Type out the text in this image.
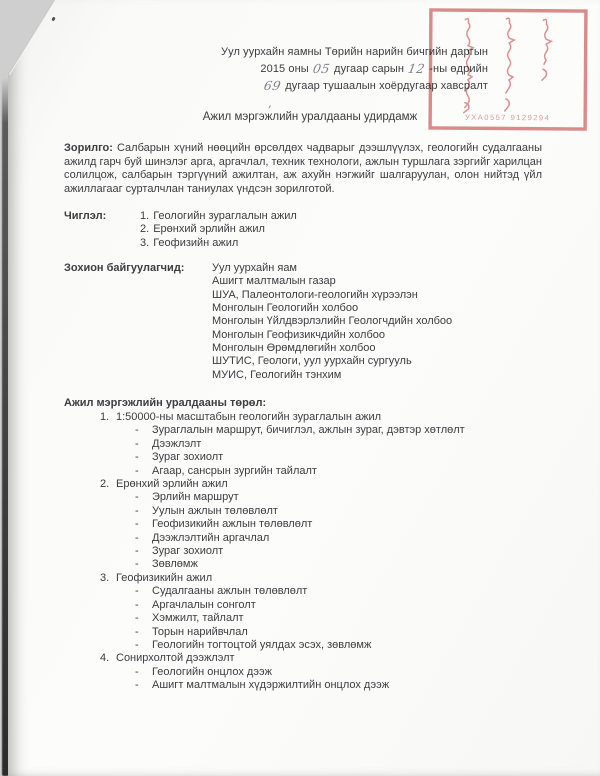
Уул уурхайн яамны Төрийн нарийн бичгийн даргын
2015 оны 05 дугаар сарын 12 -ны өдрийн
69 дугаар тушаалын хоёрдугаар хавсралт
,
Ажил мэргэжлийн уралдааны удирдамж
Зорилго: Салбарын хүний нөөцийн өрсөлдөх чадварыг дээшлүүлэх, геологийн судалгааны ажилд гарч буй шинэлэг арга, аргачлал, техник технологи, ажлын туршлага зэргийг харилцан солилцож, салбарын тэргүүний ажилтан, аж ахуйн нэгжийг шалгаруулан, олон нийтэд үйл ажиллагааг сурталчлан таниулах үндсэн зорилготой.
Чиглэл:	1. Геологийн зураглалын ажил
2. Ерөнхий эрлийн ажил
3. Геофизийн ажил
Зохион байгуулагчид:	Уул уурхайн яам
Ашигт малтмалын газар
ШУА, Палеонтологи-геологийн хүрээлэн
Монголын Геологийн холбоо
Монголын Үйлдвэрлэлийн Геологчдийн холбоо
Монголын Геофизикчдийн холбоо
Монголын Өрөмдлөгийн холбоо
ШУТИС, Геологи, уул уурхайн сургууль
МУИС, Геологийн тэнхим
Ажил мэргэжлийн уралдааны төрөл:
1. 1:50000-ны масштабын геологийн зураглалын ажил
- Зураглалын маршрут, бичиглэл, ажлын зураг, дэвтэр хөтлөлт
- Дээжлэлт
- Зураг зохиолт
- Агаар, сансрын зургийн тайлалт
2. Ерөнхий эрлийн ажил
- Эрлийн маршрут
- Уулын ажлын төлөвлөлт
- Геофизикийн ажлын төлөвлөлт
- Дээжлэлтийн аргачлал
- Зураг зохиолт
- Зөвлөмж
3. Геофизикийн ажил
- Судалгааны ажлын төлөвлөлт
- Аргачлалын сонголт
- Хэмжилт, тайлалт
- Торын нарийвчлал
- Геологийн тогтоцтой уялдах эсэх, зөвлөмж
4. Сонирхолтой дээжлэлт
- Геологийн онцлох дээж
- Ашигт малтмалын хүдэржилтийн онцлох дээж
УХА0557 9129294
